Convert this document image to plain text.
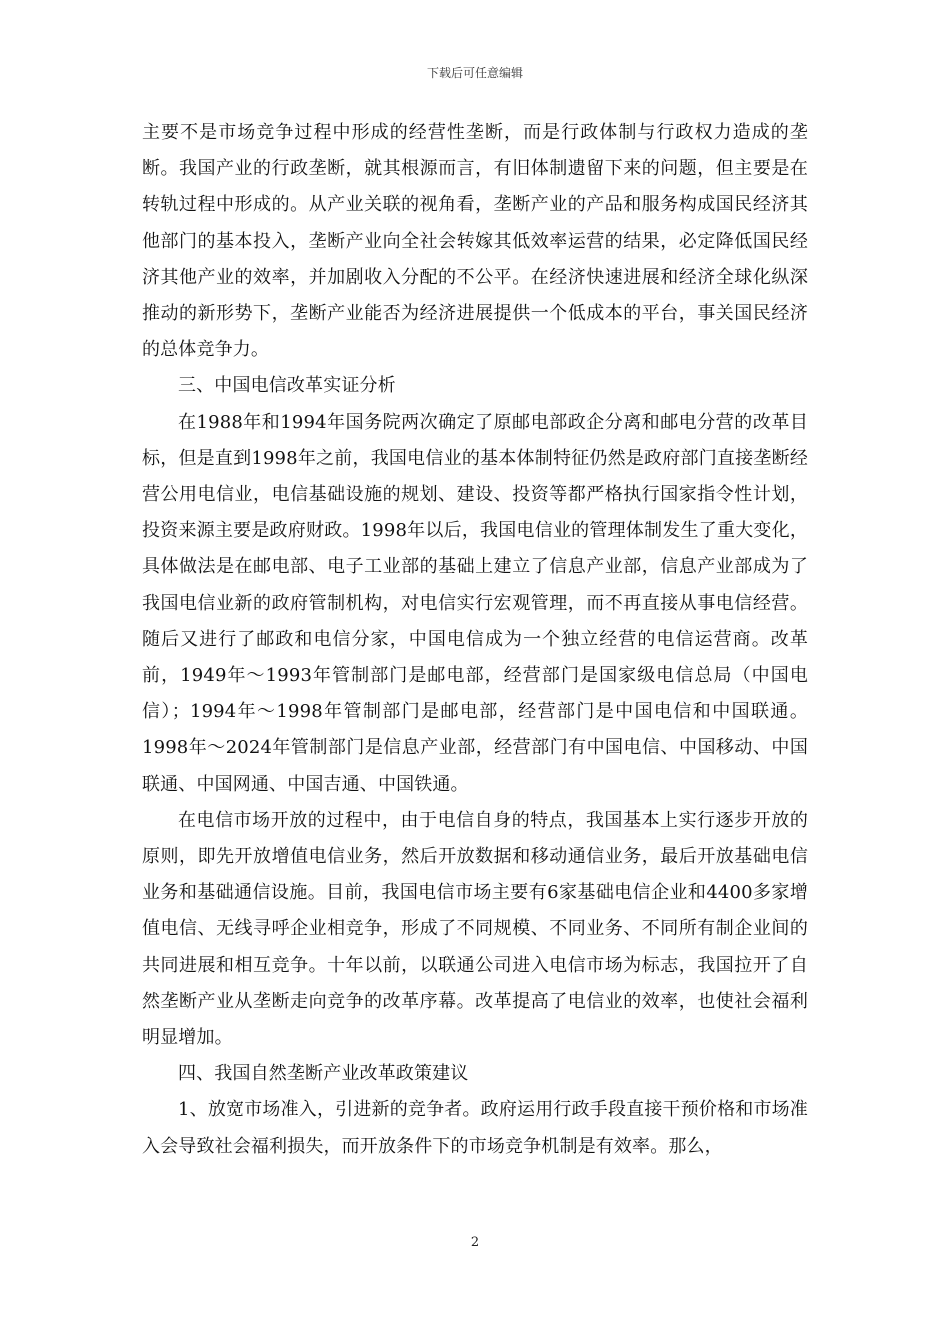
下载后可任意编辑

主要不是市场竞争过程中形成的经营性垄断，而是行政体制与行政权力造成的垄断。我国产业的行政垄断，就其根源而言，有旧体制遗留下来的问题，但主要是在转轨过程中形成的。从产业关联的视角看，垄断产业的产品和服务构成国民经济其他部门的基本投入，垄断产业向全社会转嫁其低效率运营的结果，必定降低国民经济其他产业的效率，并加剧收入分配的不公平。在经济快速进展和经济全球化纵深推动的新形势下，垄断产业能否为经济进展提供一个低成本的平台，事关国民经济的总体竞争力。

三、中国电信改革实证分析

在1988年和1994年国务院两次确定了原邮电部政企分离和邮电分营的改革目标，但是直到1998年之前，我国电信业的基本体制特征仍然是政府部门直接垄断经营公用电信业，电信基础设施的规划、建设、投资等都严格执行国家指令性计划，投资来源主要是政府财政。1998年以后，我国电信业的管理体制发生了重大变化，具体做法是在邮电部、电子工业部的基础上建立了信息产业部，信息产业部成为了我国电信业新的政府管制机构，对电信实行宏观管理，而不再直接从事电信经营。随后又进行了邮政和电信分家，中国电信成为一个独立经营的电信运营商。改革前，1949年～1993年管制部门是邮电部，经营部门是国家级电信总局（中国电信）；1994年～1998年管制部门是邮电部，经营部门是中国电信和中国联通。1998年～2024年管制部门是信息产业部，经营部门有中国电信、中国移动、中国联通、中国网通、中国吉通、中国铁通。

在电信市场开放的过程中，由于电信自身的特点，我国基本上实行逐步开放的原则，即先开放增值电信业务，然后开放数据和移动通信业务，最后开放基础电信业务和基础通信设施。目前，我国电信市场主要有6家基础电信企业和4400多家增值电信、无线寻呼企业相竞争，形成了不同规模、不同业务、不同所有制企业间的共同进展和相互竞争。十年以前，以联通公司进入电信市场为标志，我国拉开了自然垄断产业从垄断走向竞争的改革序幕。改革提高了电信业的效率，也使社会福利明显增加。

四、我国自然垄断产业改革政策建议

1、放宽市场准入，引进新的竞争者。政府运用行政手段直接干预价格和市场准入会导致社会福利损失，而开放条件下的市场竞争机制是有效率。那么，

2
